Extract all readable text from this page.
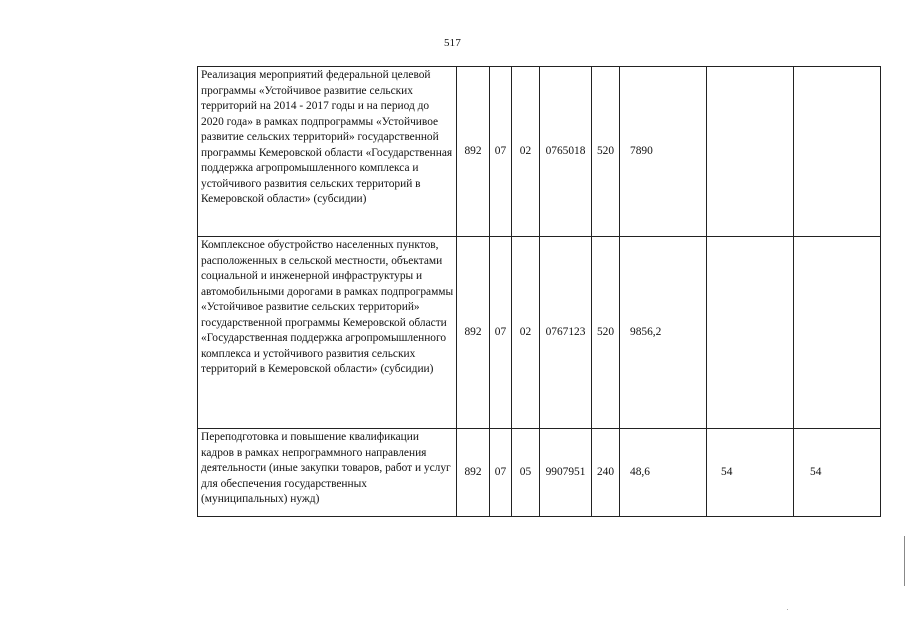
517
Реализация мероприятий федеральной целевой программы «Устойчивое развитие сельских территорий на 2014 - 2017 годы и на период до 2020 года» в рамках подпрограммы «Устойчивое развитие сельских территорий» государственной программы Кемеровской области «Государственная поддержка агропромышленного комплекса и устойчивого развития сельских территорий в Кемеровской области» (субсидии)	892	07	02	0765018	520	7890		
Комплексное обустройство населенных пунктов, расположенных в сельской местности, объектами социальной и инженерной инфраструктуры и автомобильными дорогами в рамках подпрограммы «Устойчивое развитие сельских территорий» государственной программы Кемеровской области «Государственная поддержка агропромышленного комплекса и устойчивого развития сельских территорий в Кемеровской области» (субсидии)	892	07	02	0767123	520	9856,2		
Переподготовка и повышение квалификации кадров в рамках непрограммного направления деятельности (иные закупки товаров, работ и услуг для обеспечения государственных (муниципальных) нужд)	892	07	05	9907951	240	48,6	54	54
